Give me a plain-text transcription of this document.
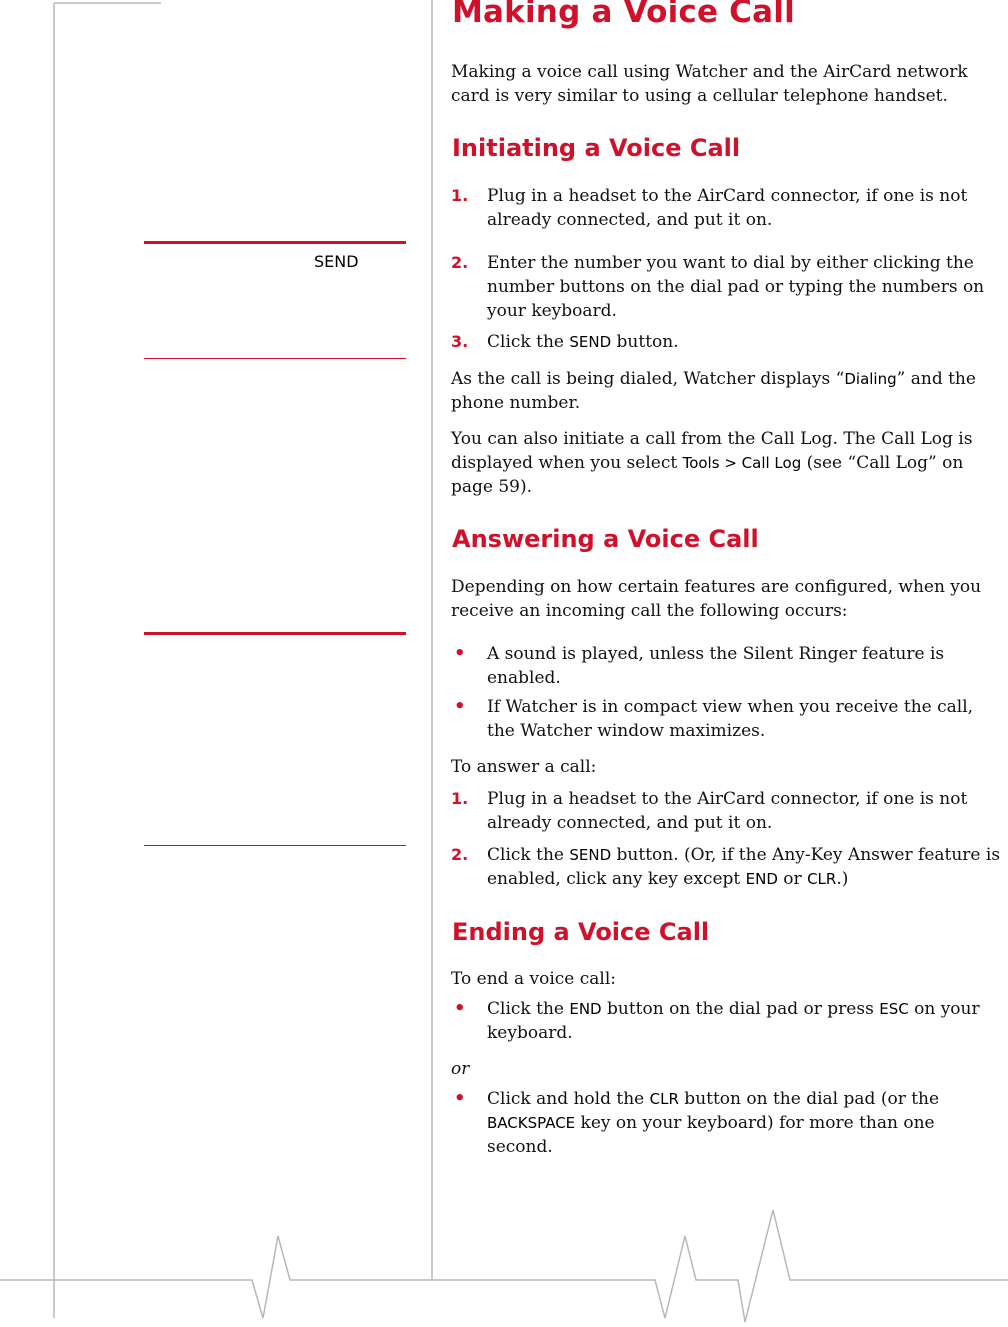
SEND
Making a Voice Call

Making a voice call using Watcher and the AirCard network card is very similar to using a cellular telephone handset.

Initiating a Voice Call
1. Plug in a headset to the AirCard connector, if one is not already connected, and put it on.
2. Enter the number you want to dial by either clicking the number buttons on the dial pad or typing the numbers on your keyboard.
3. Click the SEND button.

As the call is being dialed, Watcher displays “Dialing” and the phone number.

You can also initiate a call from the Call Log. The Call Log is displayed when you select Tools > Call Log (see “Call Log” on page 59).

Answering a Voice Call

Depending on how certain features are configured, when you receive an incoming call the following occurs:

• A sound is played, unless the Silent Ringer feature is enabled.
• If Watcher is in compact view when you receive the call, the Watcher window maximizes.

To answer a call:

1. Plug in a headset to the AirCard connector, if one is not already connected, and put it on.
2. Click the SEND button. (Or, if the Any-Key Answer feature is enabled, click any key except END or CLR.)
Ending a Voice Call

To end a voice call:

• Click the END button on the dial pad or press ESC on your keyboard.

or

• Click and hold the CLR button on the dial pad (or the BACKSPACE key on your keyboard) for more than one second.
